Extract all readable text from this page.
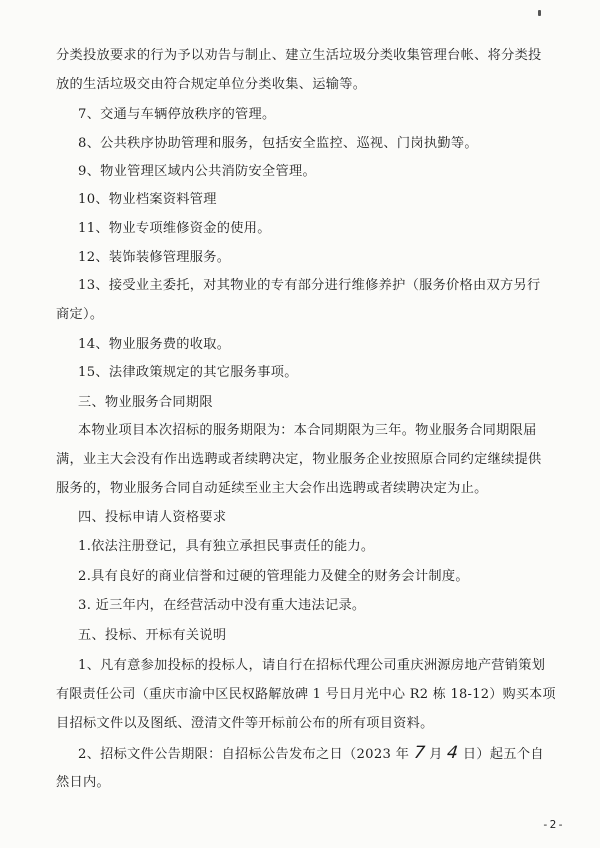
分类投放要求的行为予以劝告与制止、建立生活垃圾分类收集管理台帐、将分类投
放的生活垃圾交由符合规定单位分类收集、运输等。
7、交通与车辆停放秩序的管理。
8、公共秩序协助管理和服务，包括安全监控、巡视、门岗执勤等。
9、物业管理区域内公共消防安全管理。
10、物业档案资料管理
11、物业专项维修资金的使用。
12、装饰装修管理服务。
13、接受业主委托，对其物业的专有部分进行维修养护（服务价格由双方另行
商定）。
14、物业服务费的收取。
15、法律政策规定的其它服务事项。
三、物业服务合同期限
本物业项目本次招标的服务期限为：本合同期限为三年。物业服务合同期限届
满，业主大会没有作出选聘或者续聘决定，物业服务企业按照原合同约定继续提供
服务的，物业服务合同自动延续至业主大会作出选聘或者续聘决定为止。
四、投标申请人资格要求
1.依法注册登记，具有独立承担民事责任的能力。
2.具有良好的商业信誉和过硬的管理能力及健全的财务会计制度。
3. 近三年内，在经营活动中没有重大违法记录。
五、投标、开标有关说明
1、凡有意参加投标的投标人，请自行在招标代理公司重庆洲源房地产营销策划
有限责任公司（重庆市渝中区民权路解放碑 1 号日月光中心 R2 栋 18-12）购买本项
目招标文件以及图纸、澄清文件等开标前公布的所有项目资料。
2、招标文件公告期限：自招标公告发布之日（2023 年 7 月 4 日）起五个自
然日内。
-2-
